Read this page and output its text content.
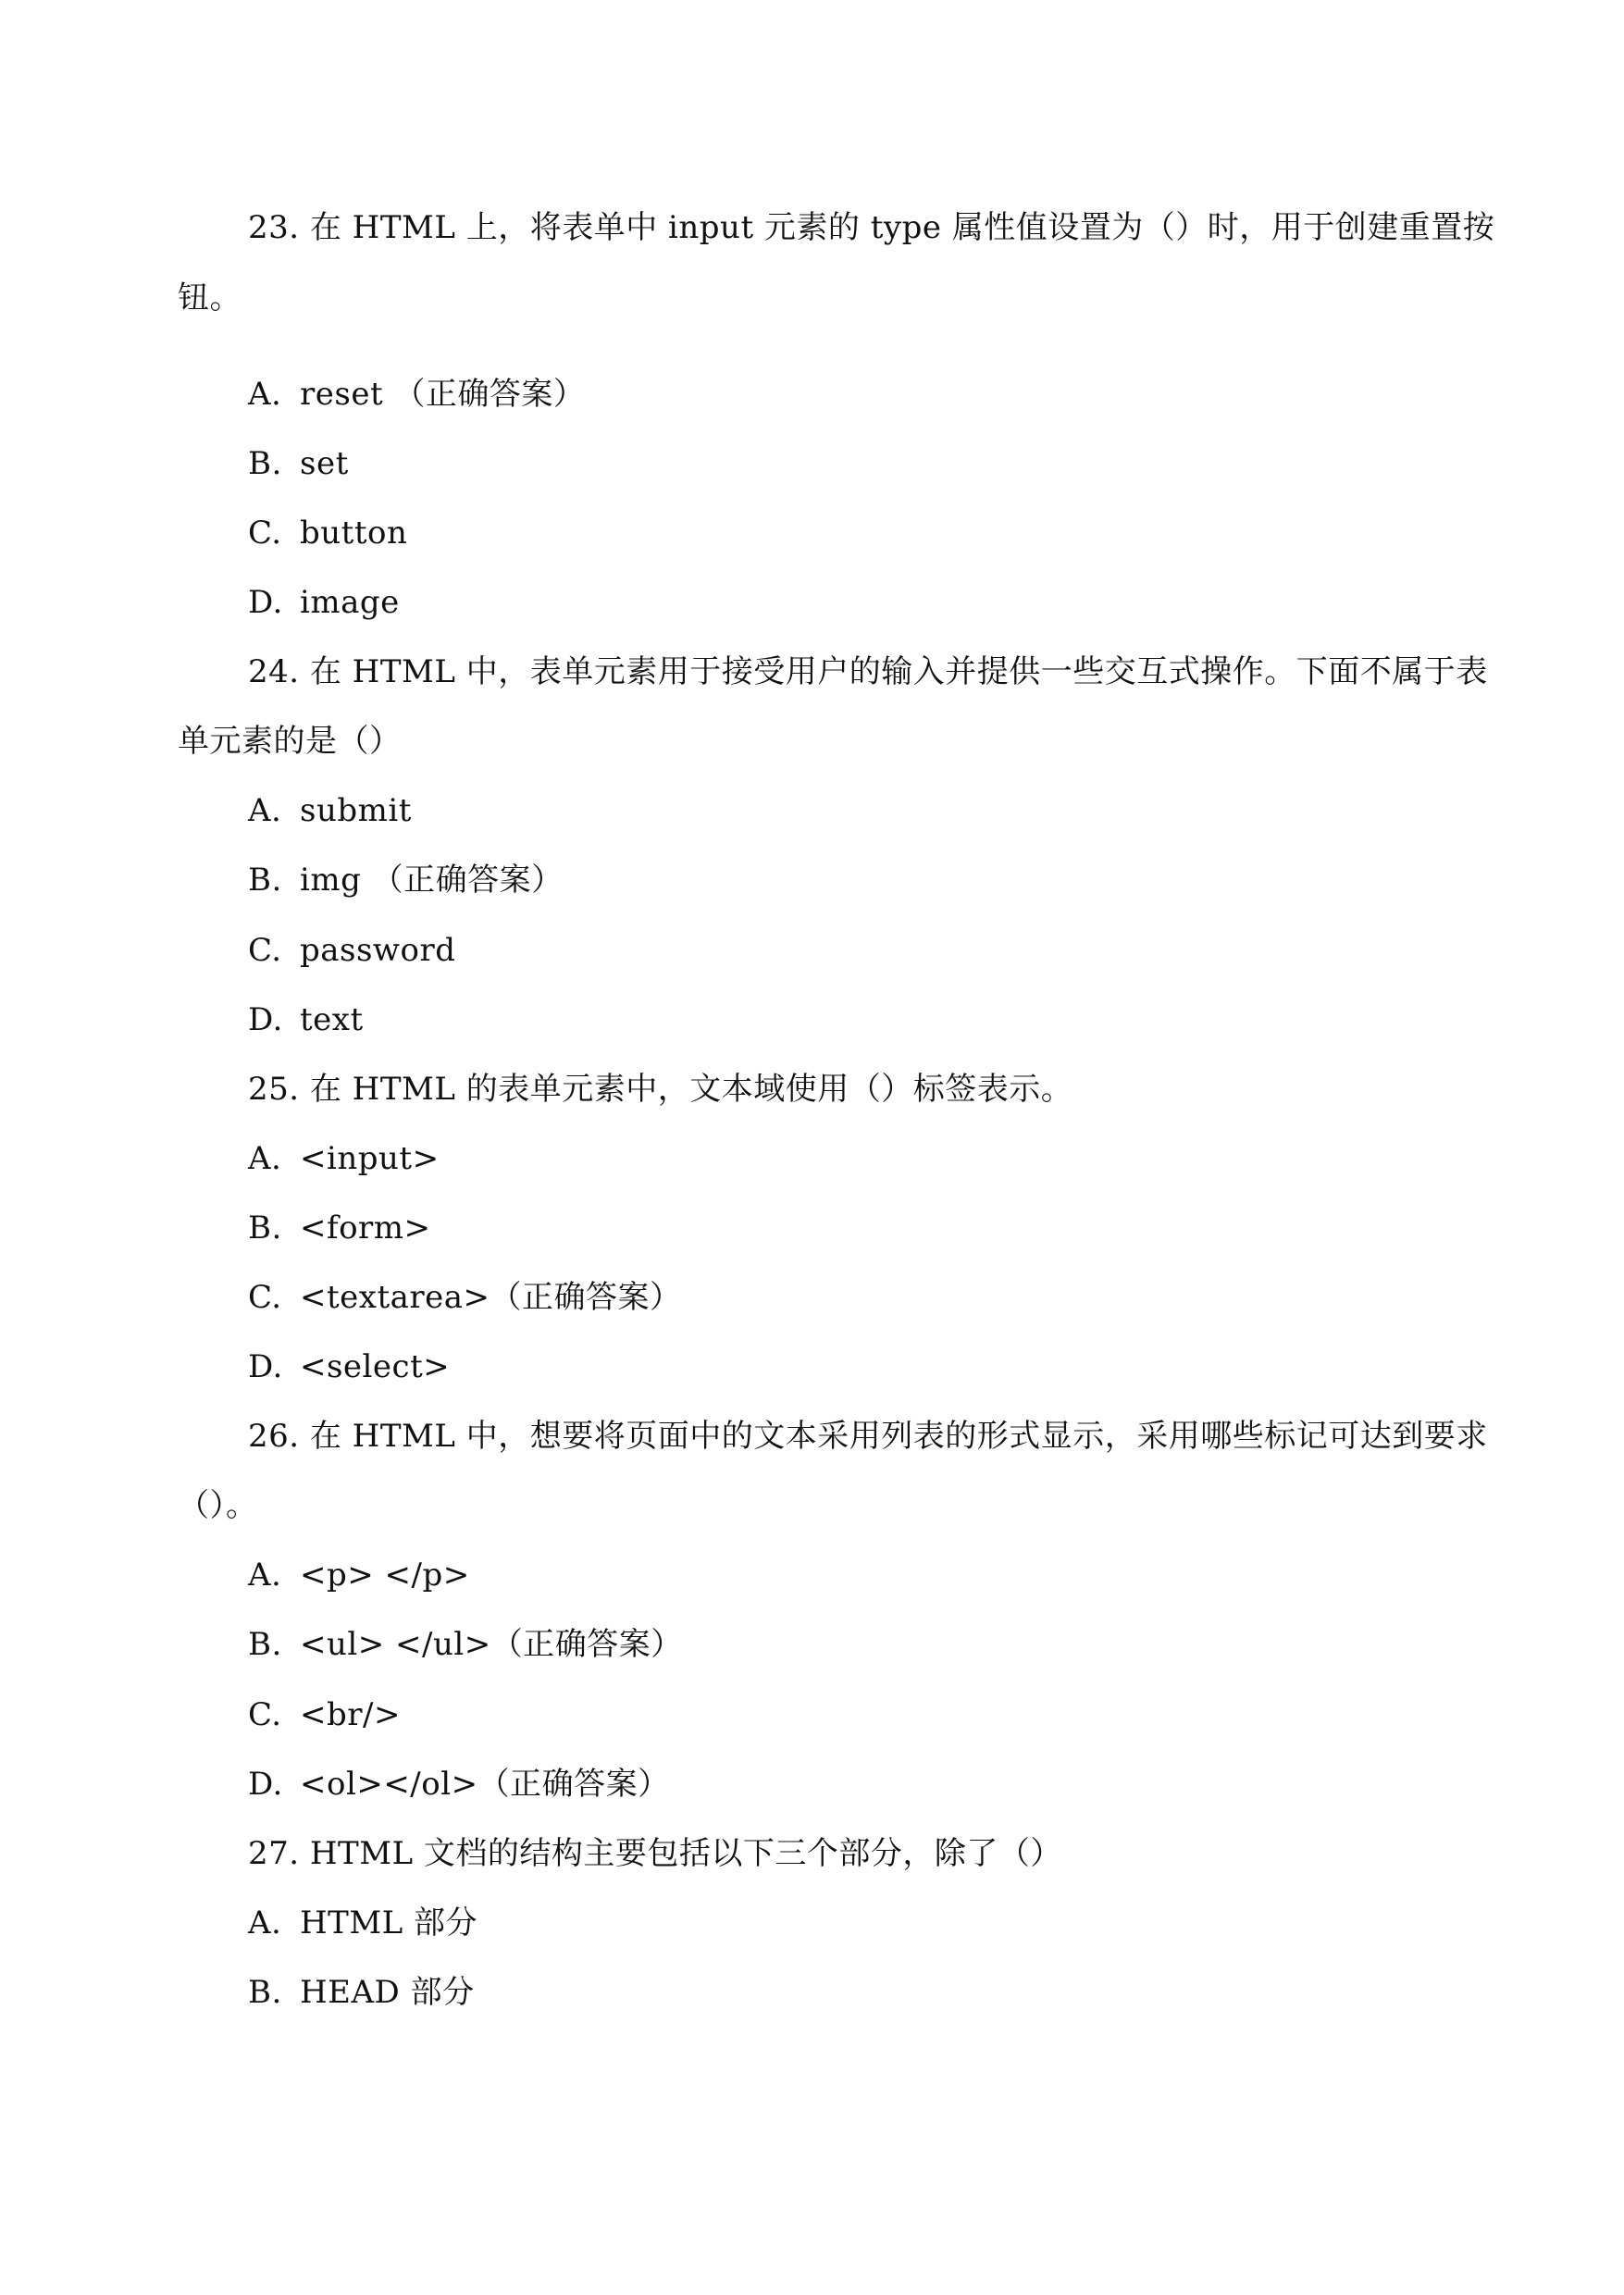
23. 在 HTML 上，将表单中 input 元素的 type 属性值设置为（）时，用于创建重置按
钮。
A. reset （正确答案）
B. set
C. button
D. image
24. 在 HTML 中，表单元素用于接受用户的输入并提供一些交互式操作。下面不属于表
单元素的是（）
A. submit
B. img （正确答案）
C. password
D. text
25. 在 HTML 的表单元素中，文本域使用（）标签表示。
A. <input>
B. <form>
C. <textarea>（正确答案）
D. <select>
26. 在 HTML 中，想要将页面中的文本采用列表的形式显示，采用哪些标记可达到要求
（）。
A. <p> </p>
B. <ul> </ul>（正确答案）
C. <br/>
D. <ol></ol>（正确答案）
27. HTML 文档的结构主要包括以下三个部分，除了（）
A. HTML 部分
B. HEAD 部分
